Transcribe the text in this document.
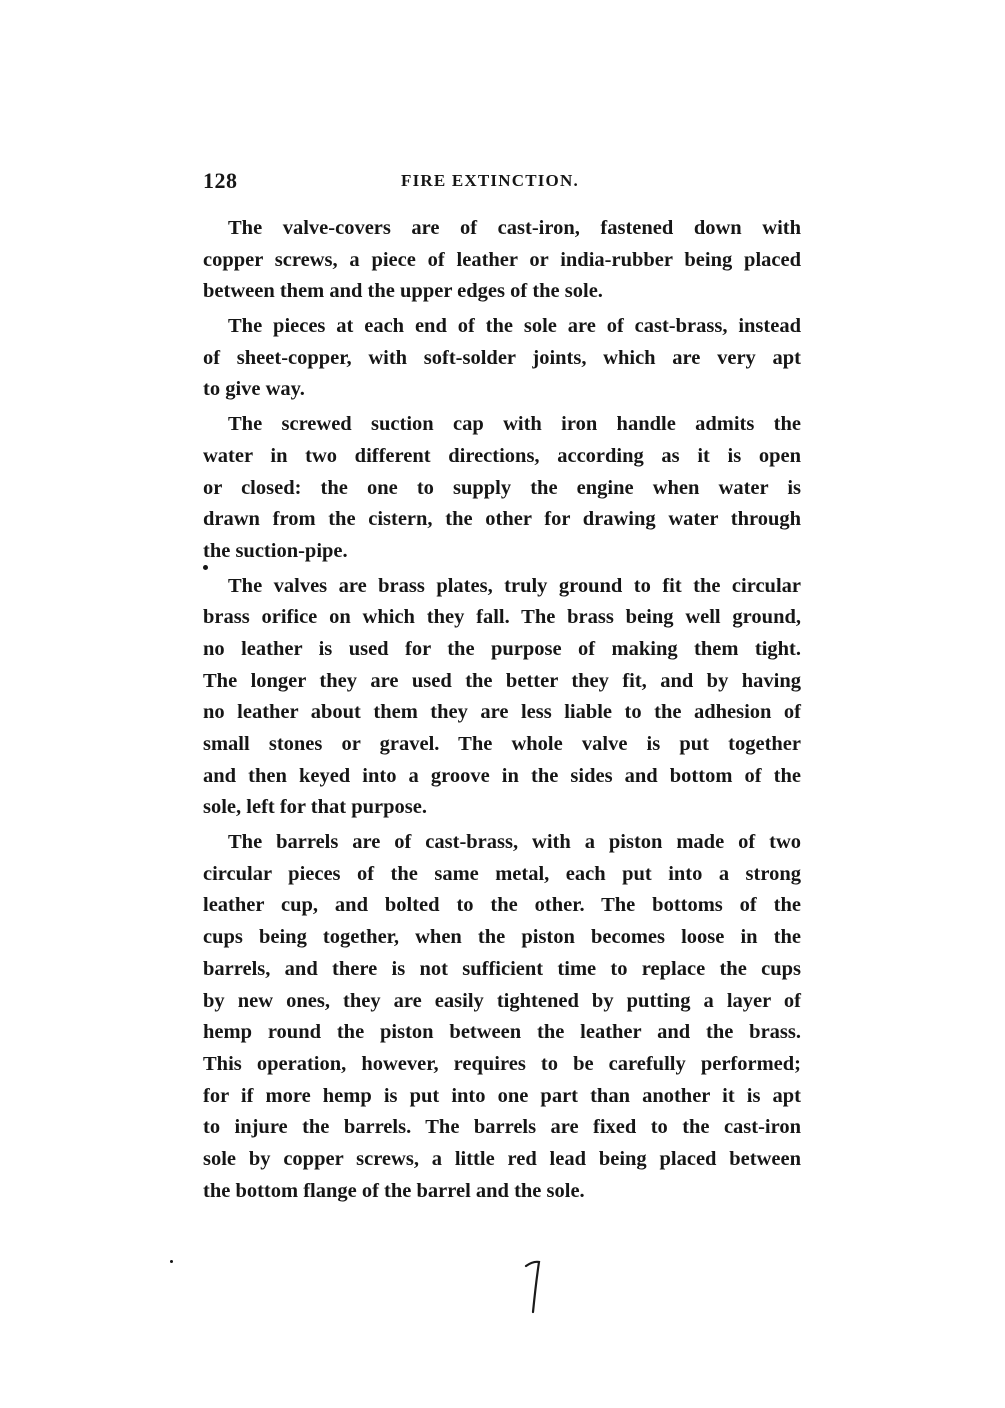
128	FIRE EXTINCTION.
The valve-covers are of cast-iron, fastened down with
copper screws, a piece of leather or india-rubber being placed
between them and the upper edges of the sole.
The pieces at each end of the sole are of cast-brass, instead
of sheet-copper, with soft-solder joints, which are very apt
to give way.
The screwed suction cap with iron handle admits the
water in two different directions, according as it is open
or closed: the one to supply the engine when water is
drawn from the cistern, the other for drawing water through
the suction-pipe.
The valves are brass plates, truly ground to fit the circular
brass orifice on which they fall. The brass being well ground,
no leather is used for the purpose of making them tight.
The longer they are used the better they fit, and by having
no leather about them they are less liable to the adhesion of
small stones or gravel. The whole valve is put together
and then keyed into a groove in the sides and bottom of the
sole, left for that purpose.
The barrels are of cast-brass, with a piston made of two
circular pieces of the same metal, each put into a strong
leather cup, and bolted to the other. The bottoms of the
cups being together, when the piston becomes loose in the
barrels, and there is not sufficient time to replace the cups
by new ones, they are easily tightened by putting a layer of
hemp round the piston between the leather and the brass.
This operation, however, requires to be carefully performed;
for if more hemp is put into one part than another it is apt
to injure the barrels. The barrels are fixed to the cast-iron
sole by copper screws, a little red lead being placed between
the bottom flange of the barrel and the sole.
